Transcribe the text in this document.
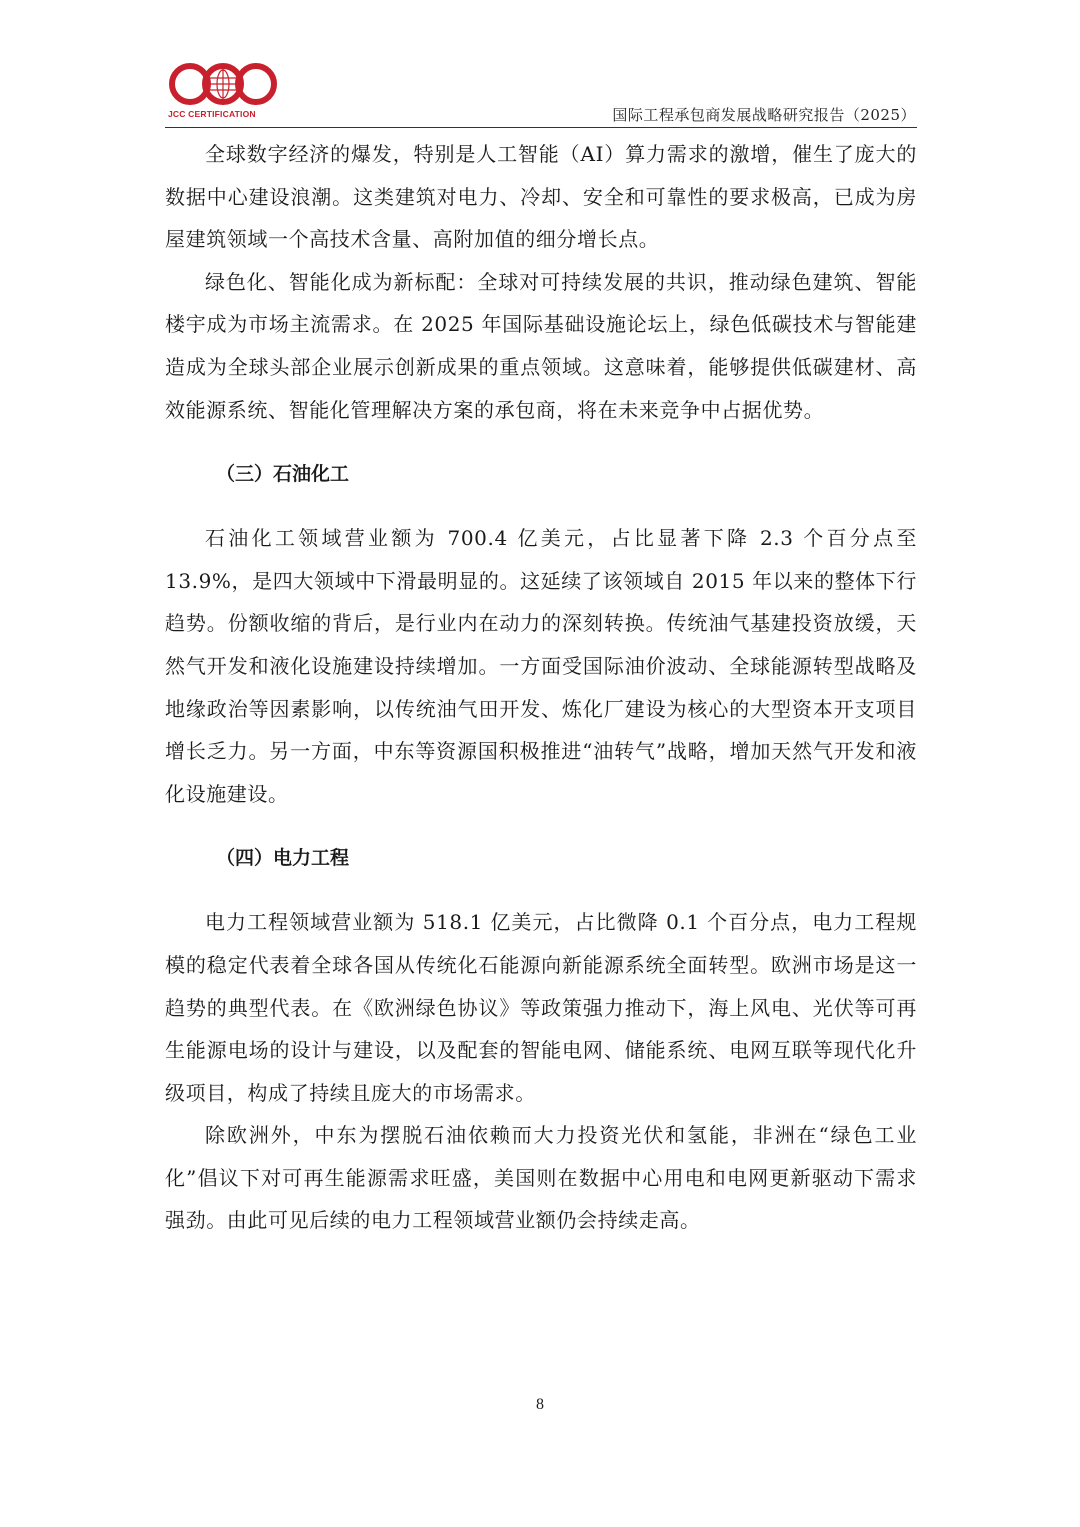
JCC CERTIFICATION	国际工程承包商发展战略研究报告（2025）

全球数字经济的爆发，特别是人工智能（AI）算力需求的激增，催生了庞大的数据中心建设浪潮。这类建筑对电力、冷却、安全和可靠性的要求极高，已成为房屋建筑领域一个高技术含量、高附加值的细分增长点。

绿色化、智能化成为新标配：全球对可持续发展的共识，推动绿色建筑、智能楼宇成为市场主流需求。在 2025 年国际基础设施论坛上，绿色低碳技术与智能建造成为全球头部企业展示创新成果的重点领域。这意味着，能够提供低碳建材、高效能源系统、智能化管理解决方案的承包商，将在未来竞争中占据优势。

（三）石油化工

石油化工领域营业额为 700.4 亿美元，占比显著下降 2.3 个百分点至 13.9%，是四大领域中下滑最明显的。这延续了该领域自 2015 年以来的整体下行趋势。份额收缩的背后，是行业内在动力的深刻转换。传统油气基建投资放缓，天然气开发和液化设施建设持续增加。一方面受国际油价波动、全球能源转型战略及地缘政治等因素影响，以传统油气田开发、炼化厂建设为核心的大型资本开支项目增长乏力。另一方面，中东等资源国积极推进“油转气”战略，增加天然气开发和液化设施建设。

（四）电力工程

电力工程领域营业额为 518.1 亿美元，占比微降 0.1 个百分点，电力工程规模的稳定代表着全球各国从传统化石能源向新能源系统全面转型。欧洲市场是这一趋势的典型代表。在《欧洲绿色协议》等政策强力推动下，海上风电、光伏等可再生能源电场的设计与建设，以及配套的智能电网、储能系统、电网互联等现代化升级项目，构成了持续且庞大的市场需求。

除欧洲外，中东为摆脱石油依赖而大力投资光伏和氢能，非洲在“绿色工业化”倡议下对可再生能源需求旺盛，美国则在数据中心用电和电网更新驱动下需求强劲。由此可见后续的电力工程领域营业额仍会持续走高。

8
